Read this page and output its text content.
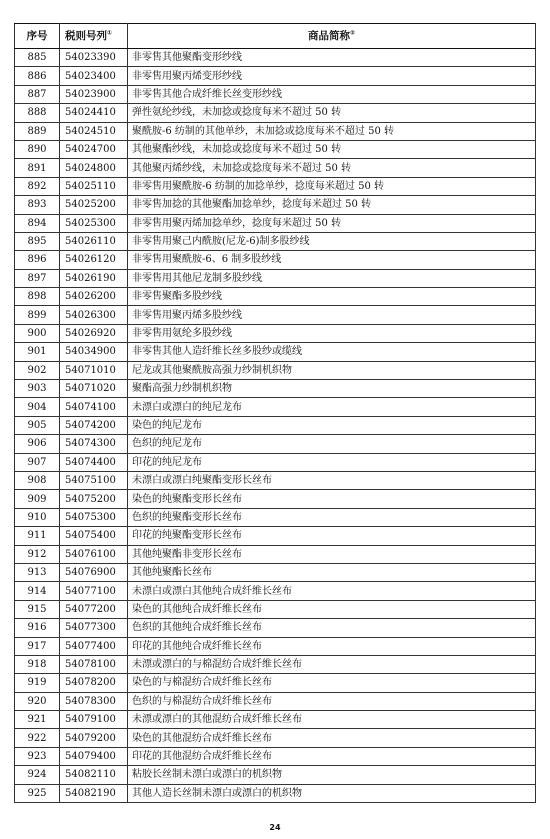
序号	税则号列①	商品简称②
885	54023390	非零售其他聚酯变形纱线
886	54023400	非零售用聚丙烯变形纱线
887	54023900	非零售其他合成纤维长丝变形纱线
888	54024410	弹性氨纶纱线，未加捻或捻度每米不超过 50 转
889	54024510	聚酰胺-6 纺制的其他单纱，未加捻或捻度每米不超过 50 转
890	54024700	其他聚酯纱线，未加捻或捻度每米不超过 50 转
891	54024800	其他聚丙烯纱线，未加捻或捻度每米不超过 50 转
892	54025110	非零售用聚酰胺-6 纺制的加捻单纱，捻度每米超过 50 转
893	54025200	非零售加捻的其他聚酯加捻单纱，捻度每米超过 50 转
894	54025300	非零售用聚丙烯加捻单纱，捻度每米超过 50 转
895	54026110	非零售用聚己内酰胺(尼龙-6)制多股纱线
896	54026120	非零售用聚酰胺-6、6 制多股纱线
897	54026190	非零售用其他尼龙制多股纱线
898	54026200	非零售聚酯多股纱线
899	54026300	非零售用聚丙烯多股纱线
900	54026920	非零售用氨纶多股纱线
901	54034900	非零售其他人造纤维长丝多股纱或缆线
902	54071010	尼龙或其他聚酰胺高强力纱制机织物
903	54071020	聚酯高强力纱制机织物
904	54074100	未漂白或漂白的纯尼龙布
905	54074200	染色的纯尼龙布
906	54074300	色织的纯尼龙布
907	54074400	印花的纯尼龙布
908	54075100	未漂白或漂白纯聚酯变形长丝布
909	54075200	染色的纯聚酯变形长丝布
910	54075300	色织的纯聚酯变形长丝布
911	54075400	印花的纯聚酯变形长丝布
912	54076100	其他纯聚酯非变形长丝布
913	54076900	其他纯聚酯长丝布
914	54077100	未漂白或漂白其他纯合成纤维长丝布
915	54077200	染色的其他纯合成纤维长丝布
916	54077300	色织的其他纯合成纤维长丝布
917	54077400	印花的其他纯合成纤维长丝布
918	54078100	未漂或漂白的与棉混纺合成纤维长丝布
919	54078200	染色的与棉混纺合成纤维长丝布
920	54078300	色织的与棉混纺合成纤维长丝布
921	54079100	未漂或漂白的其他混纺合成纤维长丝布
922	54079200	染色的其他混纺合成纤维长丝布
923	54079400	印花的其他混纺合成纤维长丝布
924	54082110	粘胶长丝制未漂白或漂白的机织物
925	54082190	其他人造长丝制未漂白或漂白的机织物
24
